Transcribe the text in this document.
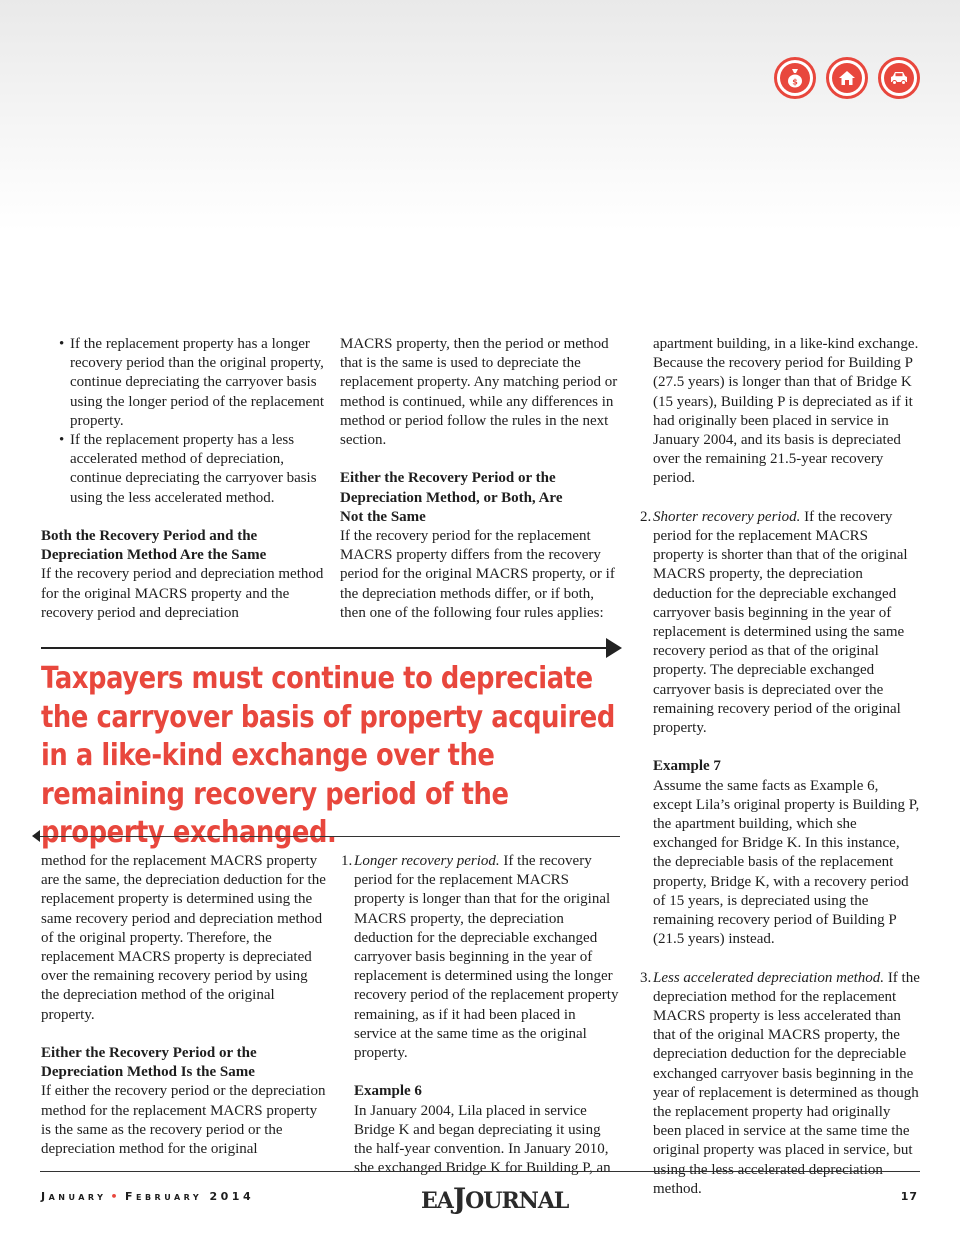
$
• If the replacement property has a longer recovery period than the original property, continue depreciating the carryover basis using the longer period of the replacement property.
• If the replacement property has a less accelerated method of depreciation, continue depreciating the carryover basis using the less accelerated method.
Both the Recovery Period and the Depreciation Method Are the Same

If the recovery period and depreciation method for the original MACRS property and the recovery period and depreciation

MACRS property, then the period or method that is the same is used to depreciate the replacement property. Any matching period or method is continued, while any differences in method or period follow the rules in the next section.

Either the Recovery Period or the Depreciation Method, or Both, Are Not the Same

If the recovery period for the replacement MACRS property differs from the recovery period for the original MACRS property, or if the depreciation methods differ, or if both, then one of the following four rules applies:

Taxpayers must continue to depreciate the carryover basis of property acquired in a like-kind exchange over the remaining recovery period of the property exchanged.

method for the replacement MACRS property are the same, the depreciation deduction for the replacement property is determined using the same recovery period and depreciation method of the original property. Therefore, the replacement MACRS property is depreciated over the remaining recovery period by using the depreciation method of the original property.

Either the Recovery Period or the Depreciation Method Is the Same

If either the recovery period or the depreciation method for the replacement MACRS property is the same as the recovery period or the depreciation method for the original

1. Longer recovery period. If the recovery period for the replacement MACRS property is longer than that for the original MACRS property, the depreciation deduction for the depreciable exchanged carryover basis beginning in the year of replacement is determined using the longer recovery period of the replacement property remaining, as if it had been placed in service at the same time as the original property.
Example 6

In January 2004, Lila placed in service Bridge K and began depreciating it using the half-year convention. In January 2010, she exchanged Bridge K for Building P, an

apartment building, in a like-kind exchange. Because the recovery period for Building P (27.5 years) is longer than that of Bridge K (15 years), Building P is depreciated as if it had originally been placed in service in January 2004, and its basis is depreciated over the remaining 21.5-year recovery period.

2. Shorter recovery period. If the recovery period for the replacement MACRS property is shorter than that of the original MACRS property, the depreciation deduction for the depreciable exchanged carryover basis beginning in the year of replacement is determined using the same recovery period as that of the original property. The depreciable exchanged carryover basis is depreciated over the remaining recovery period of the original property.
Example 7

Assume the same facts as Example 6, except Lila’s original property is Building P, the apartment building, which she exchanged for Bridge K. In this instance, the depreciable basis of the replacement property, Bridge K, with a recovery period of 15 years, is depreciated using the remaining recovery period of Building P (21.5 years) instead.

3. Less accelerated depreciation method. If the depreciation method for the replacement MACRS property is less accelerated than that of the original MACRS property, the depreciation deduction for the depreciable exchanged carryover basis beginning in the year of replacement is determined as though the replacement property had originally been placed in service at the same time the original property was placed in service, but using the less accelerated depreciation method.
January • February 2014	EAJOURNAL	17
